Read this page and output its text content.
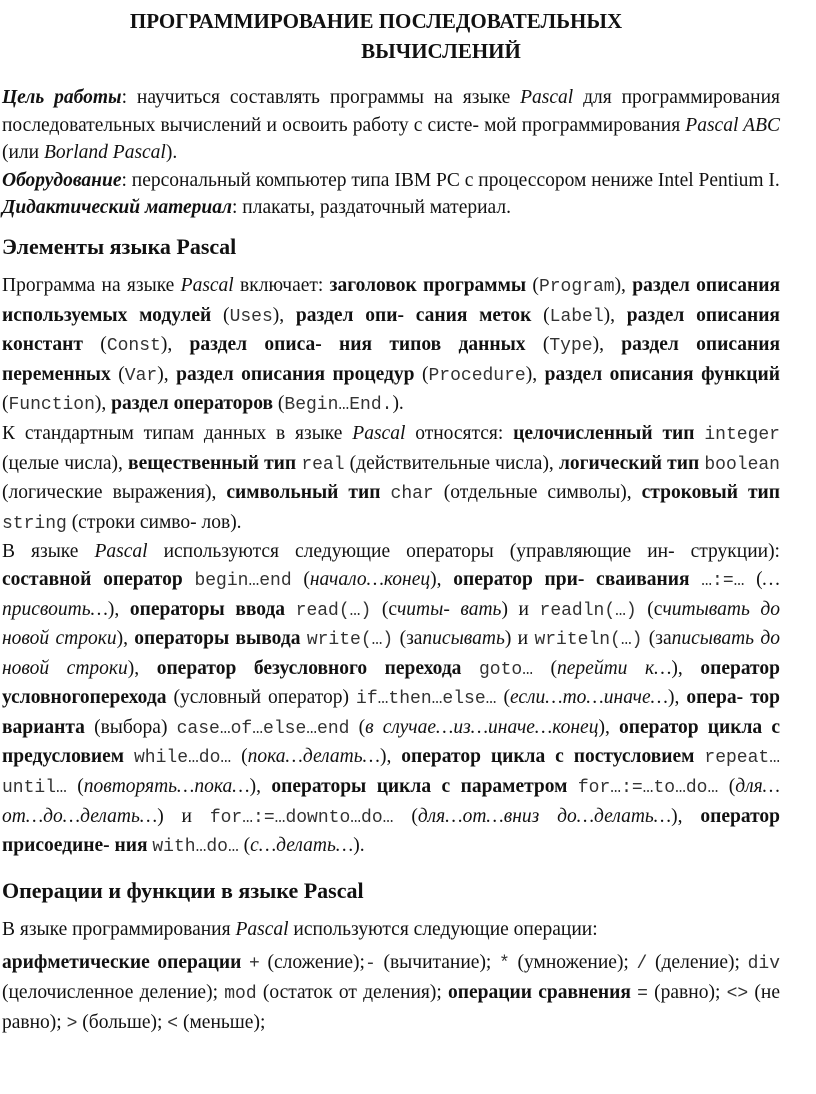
ПРОГРАММИРОВАНИЕ ПОСЛЕДОВАТЕЛЬНЫХ
ВЫЧИСЛЕНИЙ

Цель работы: научиться составлять программы на языке Pascal для программирования последовательных вычислений и освоить работу с систе- мой программирования Pascal ABC (или Borland Pascal).

Оборудование: персональный компьютер типа IBM PC с процессором нениже Intel Pentium I.

Дидактический материал: плакаты, раздаточный материал.

Элементы языка Pascal

Программа на языке Pascal включает: заголовок программы (Program), раздел описания используемых модулей (Uses), раздел опи- сания меток (Label), раздел описания констант (Const), раздел описа- ния типов данных (Type), раздел описания переменных (Var), раздел описания процедур (Procedure), раздел описания функций (Function), раздел операторов (Begin…End.).

К стандартным типам данных в языке Pascal относятся: целочисленный тип integer (целые числа), вещественный тип real (действительные числа), логический тип boolean (логические выражения), символьный тип char (отдельные символы), строковый тип string (строки симво- лов).

В языке Pascal используются следующие операторы (управляющие ин- струкции): составной оператор begin…end (начало…конец), оператор при- сваивания …:=… (…присвоить…), операторы ввода read(…) (считы- вать) и readln(…) (считывать до новой строки), операторы вывода write(…) (записывать) и writeln(…) (записывать до новой строки), оператор безусловного перехода goto… (перейти к…), оператор условногоперехода (условный оператор) if…then…else… (если…то…иначе…), опера- тор варианта (выбора) case…of…else…end (в случае…из…иначе…конец), оператор цикла с предусловием while…do… (пока…делать…), оператор цикла с постусловием repeat…until… (повторять…пока…), операторы цикла с параметром for…:=…to…do… (для…от…до…делать…) и for…:=…downto…do… (для…от…вниз до…делать…), оператор присоедине- ния with…do… (с…делать…).

Операции и функции в языке Pascal

В языке программирования Pascal используются следующие операции:

арифметические операции + (сложение);- (вычитание); * (умножение); / (деление); div (целочисленное деление); mod (остаток от деления); операции сравнения = (равно); <> (не равно); > (больше); < (меньше);
